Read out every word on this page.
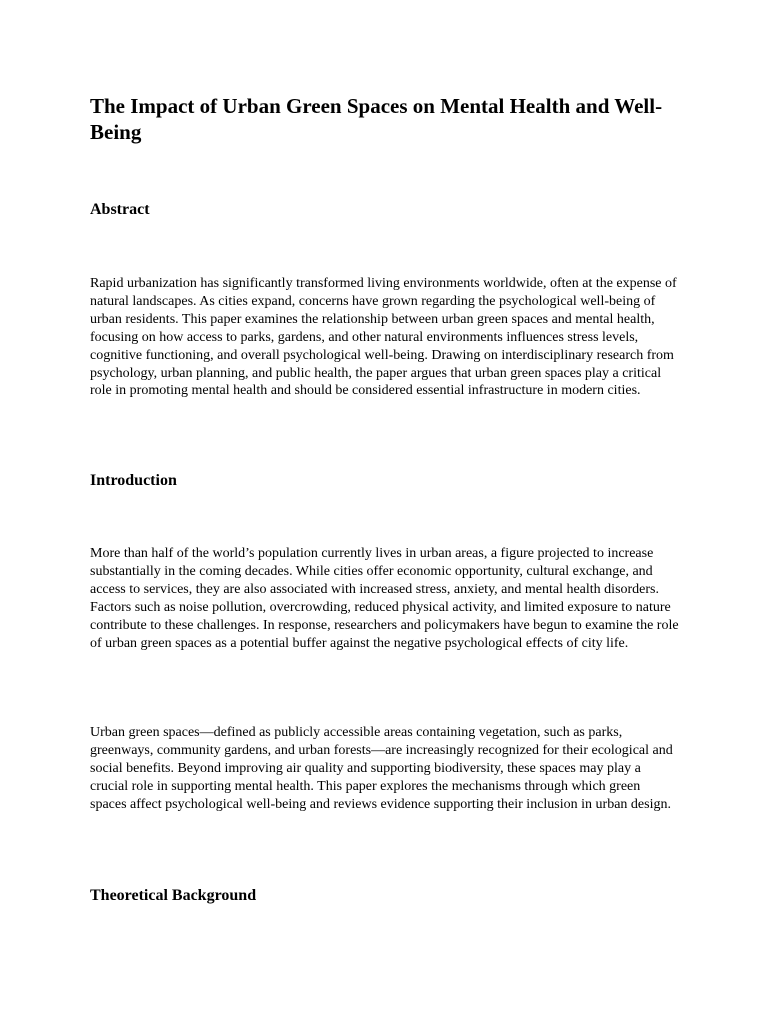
The Impact of Urban Green Spaces on Mental Health and Well-Being
Abstract

Rapid urbanization has significantly transformed living environments worldwide, often at the expense of natural landscapes. As cities expand, concerns have grown regarding the psychological well-being of urban residents. This paper examines the relationship between urban green spaces and mental health, focusing on how access to parks, gardens, and other natural environments influences stress levels, cognitive functioning, and overall psychological well-being. Drawing on interdisciplinary research from psychology, urban planning, and public health, the paper argues that urban green spaces play a critical role in promoting mental health and should be considered essential infrastructure in modern cities.

Introduction

More than half of the world’s population currently lives in urban areas, a figure projected to increase substantially in the coming decades. While cities offer economic opportunity, cultural exchange, and access to services, they are also associated with increased stress, anxiety, and mental health disorders. Factors such as noise pollution, overcrowding, reduced physical activity, and limited exposure to nature contribute to these challenges. In response, researchers and policymakers have begun to examine the role of urban green spaces as a potential buffer against the negative psychological effects of city life.

Urban green spaces—defined as publicly accessible areas containing vegetation, such as parks, greenways, community gardens, and urban forests—are increasingly recognized for their ecological and social benefits. Beyond improving air quality and supporting biodiversity, these spaces may play a crucial role in supporting mental health. This paper explores the mechanisms through which green spaces affect psychological well-being and reviews evidence supporting their inclusion in urban design.

Theoretical Background
